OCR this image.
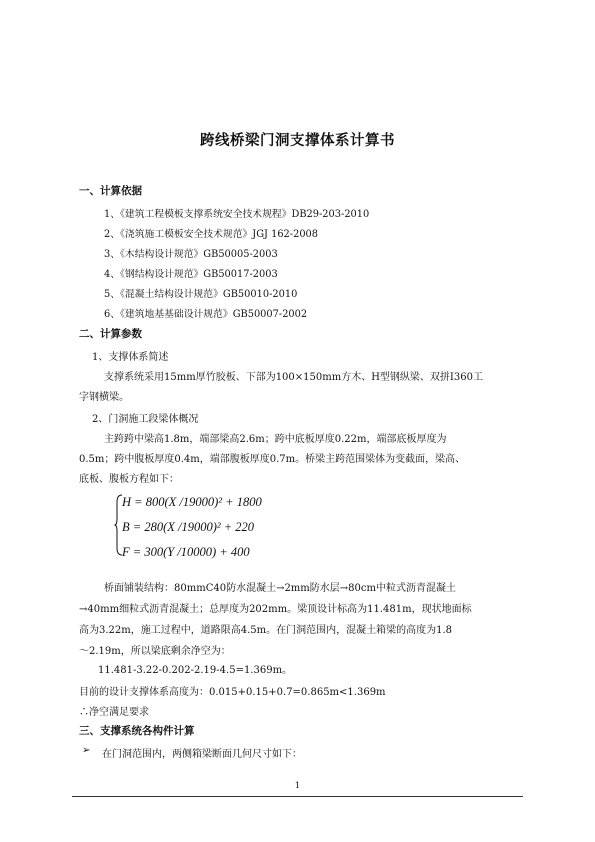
跨线桥梁门洞支撑体系计算书
一、计算依据
1、《建筑工程模板支撑系统安全技术规程》DB29-203-2010
2、《浇筑施工模板安全技术规范》JGJ 162-2008
3、《木结构设计规范》GB50005-2003
4、《钢结构设计规范》GB50017-2003
5、《混凝土结构设计规范》GB50010-2010
6、《建筑地基基础设计规范》GB50007-2002
二、计算参数
1、支撑体系简述
支撑系统采用15mm厚竹胶板、下部为100×150mm方木、H型钢纵梁、双拼I360工
字钢横梁。
2、门洞施工段梁体概况
主跨跨中梁高1.8m，端部梁高2.6m；跨中底板厚度0.22m，端部底板厚度为
0.5m；跨中腹板厚度0.4m，端部腹板厚度0.7m。桥梁主跨范围梁体为变截面，梁高、
底板、腹板方程如下：
H = 800(X /19000)² + 1800
B = 280(X /19000)² + 220
F = 300(Y /10000) + 400
桥面铺装结构：80mmC40防水混凝土→2mm防水层→80cm中粒式沥青混凝土
→40mm细粒式沥青混凝土；总厚度为202mm。梁顶设计标高为11.481m，现状地面标
高为3.22m，施工过程中，道路限高4.5m。在门洞范围内，混凝土箱梁的高度为1.8
～2.19m，所以梁底剩余净空为：
11.481-3.22-0.202-2.19-4.5=1.369m。
目前的设计支撑体系高度为：0.015+0.15+0.7=0.865m<1.369m
∴净空满足要求
三、支撑系统各构件计算
➢ 在门洞范围内，两侧箱梁断面几何尺寸如下：
1
